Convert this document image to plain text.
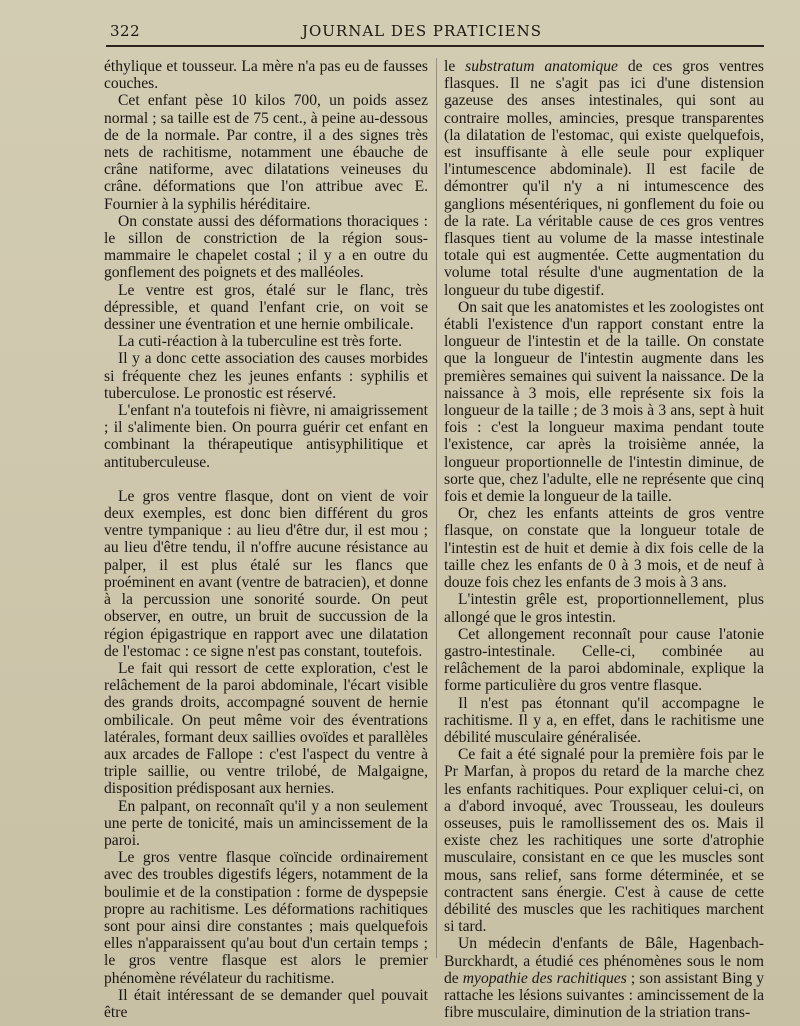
322	JOURNAL DES PRATICIENS

éthylique et tousseur. La mère n'a pas eu de fausses couches.

Cet enfant pèse 10 kilos 700, un poids assez normal ; sa taille est de 75 cent., à peine au-dessous de de la normale. Par contre, il a des signes très nets de rachitisme, notamment une ébauche de crâne natiforme, avec dilatations veineuses du crâne. déformations que l'on attribue avec E. Fournier à la syphilis héréditaire.

On constate aussi des déformations thoraciques : le sillon de constriction de la région sous-mammaire le chapelet costal ; il y a en outre du gonflement des poignets et des malléoles.

Le ventre est gros, étalé sur le flanc, très dépressible, et quand l'enfant crie, on voit se dessiner une éventration et une hernie ombilicale.

La cuti-réaction à la tuberculine est très forte.

Il y a donc cette association des causes morbides si fréquente chez les jeunes enfants : syphilis et tuberculose. Le pronostic est réservé.

L'enfant n'a toutefois ni fièvre, ni amaigrissement ; il s'alimente bien. On pourra guérir cet enfant en combinant la thérapeutique antisyphilitique et antituberculeuse.

Le gros ventre flasque, dont on vient de voir deux exemples, est donc bien différent du gros ventre tympanique : au lieu d'être dur, il est mou ; au lieu d'être tendu, il n'offre aucune résistance au palper, il est plus étalé sur les flancs que proéminent en avant (ventre de batracien), et donne à la percussion une sonorité sourde. On peut observer, en outre, un bruit de succussion de la région épigastrique en rapport avec une dilatation de l'estomac : ce signe n'est pas constant, toutefois.

Le fait qui ressort de cette exploration, c'est le relâchement de la paroi abdominale, l'écart visible des grands droits, accompagné souvent de hernie ombilicale. On peut même voir des éventrations latérales, formant deux saillies ovoïdes et parallèles aux arcades de Fallope : c'est l'aspect du ventre à triple saillie, ou ventre trilobé, de Malgaigne, disposition prédisposant aux hernies.

En palpant, on reconnaît qu'il y a non seulement une perte de tonicité, mais un amincissement de la paroi.

Le gros ventre flasque coïncide ordinairement avec des troubles digestifs légers, notamment de la boulimie et de la constipation : forme de dyspepsie propre au rachitisme. Les déformations rachitiques sont pour ainsi dire constantes ; mais quelquefois elles n'apparaissent qu'au bout d'un certain temps ; le gros ventre flasque est alors le premier phénomène révélateur du rachitisme.

Il était intéressant de se demander quel pouvait être

le substratum anatomique de ces gros ventres flasques. Il ne s'agit pas ici d'une distension gazeuse des anses intestinales, qui sont au contraire molles, amincies, presque transparentes (la dilatation de l'estomac, qui existe quelquefois, est insuffisante à elle seule pour expliquer l'intumescence abdominale). Il est facile de démontrer qu'il n'y a ni intumescence des ganglions mésentériques, ni gonflement du foie ou de la rate. La véritable cause de ces gros ventres flasques tient au volume de la masse intestinale totale qui est augmentée. Cette augmentation du volume total résulte d'une augmentation de la longueur du tube digestif.

On sait que les anatomistes et les zoologistes ont établi l'existence d'un rapport constant entre la longueur de l'intestin et de la taille. On constate que la longueur de l'intestin augmente dans les premières semaines qui suivent la naissance. De la naissance à 3 mois, elle représente six fois la longueur de la taille ; de 3 mois à 3 ans, sept à huit fois : c'est la longueur maxima pendant toute l'existence, car après la troisième année, la longueur proportionnelle de l'intestin diminue, de sorte que, chez l'adulte, elle ne représente que cinq fois et demie la longueur de la taille.

Or, chez les enfants atteints de gros ventre flasque, on constate que la longueur totale de l'intestin est de huit et demie à dix fois celle de la taille chez les enfants de 0 à 3 mois, et de neuf à douze fois chez les enfants de 3 mois à 3 ans.

L'intestin grêle est, proportionnellement, plus allongé que le gros intestin.

Cet allongement reconnaît pour cause l'atonie gastro-intestinale. Celle-ci, combinée au relâchement de la paroi abdominale, explique la forme particulière du gros ventre flasque.

Il n'est pas étonnant qu'il accompagne le rachitisme. Il y a, en effet, dans le rachitisme une débilité musculaire généralisée.

Ce fait a été signalé pour la première fois par le Pr Marfan, à propos du retard de la marche chez les enfants rachitiques. Pour expliquer celui-ci, on a d'abord invoqué, avec Trousseau, les douleurs osseuses, puis le ramollissement des os. Mais il existe chez les rachitiques une sorte d'atrophie musculaire, consistant en ce que les muscles sont mous, sans relief, sans forme déterminée, et se contractent sans énergie. C'est à cause de cette débilité des muscles que les rachitiques marchent si tard.

Un médecin d'enfants de Bâle, Hagenbach-Burckhardt, a étudié ces phénomènes sous le nom de myopathie des rachitiques ; son assistant Bing y rattache les lésions suivantes : amincissement de la fibre musculaire, diminution de la striation trans-
